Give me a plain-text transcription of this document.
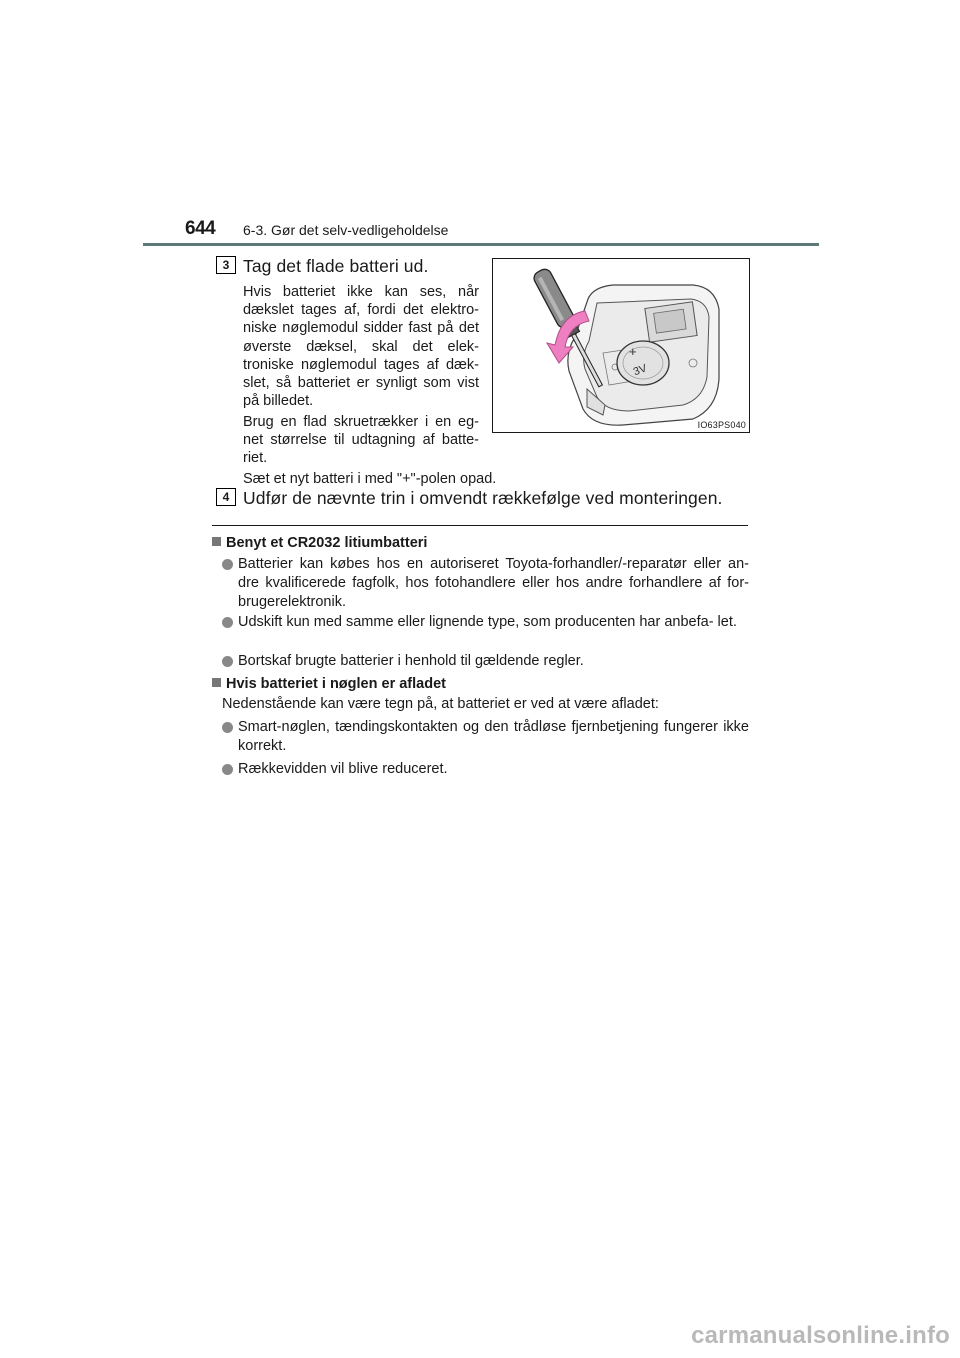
644 6-3. Gør det selv-vedligeholdelse
3 Tag det flade batteri ud.
Hvis batteriet ikke kan ses, når dækslet tages af, fordi det elektro- niske nøglemodul sidder fast på det øverste dæksel, skal det elek- troniske nøglemodul tages af dæk- slet, så batteriet er synligt som vist på billedet.
Brug en flad skruetrækker i en eg- net størrelse til udtagning af batte- riet.
Sæt et nyt batteri i med "+"-polen opad.
+
3V
IO63PS040
4 Udfør de nævnte trin i omvendt rækkefølge ved monteringen.
Benyt et CR2032 litiumbatteri
Batterier kan købes hos en autoriseret Toyota-forhandler/-reparatør eller an- dre kvalificerede fagfolk, hos fotohandlere eller hos andre forhandlere af for- brugerelektronik.
Udskift kun med samme eller lignende type, som producenten har anbefa- let.
Bortskaf brugte batterier i henhold til gældende regler.
Hvis batteriet i nøglen er afladet
Nedenstående kan være tegn på, at batteriet er ved at være afladet:
Smart-nøglen, tændingskontakten og den trådløse fjernbetjening fungerer ikke korrekt.
Rækkevidden vil blive reduceret.
carmanualsonline.info
